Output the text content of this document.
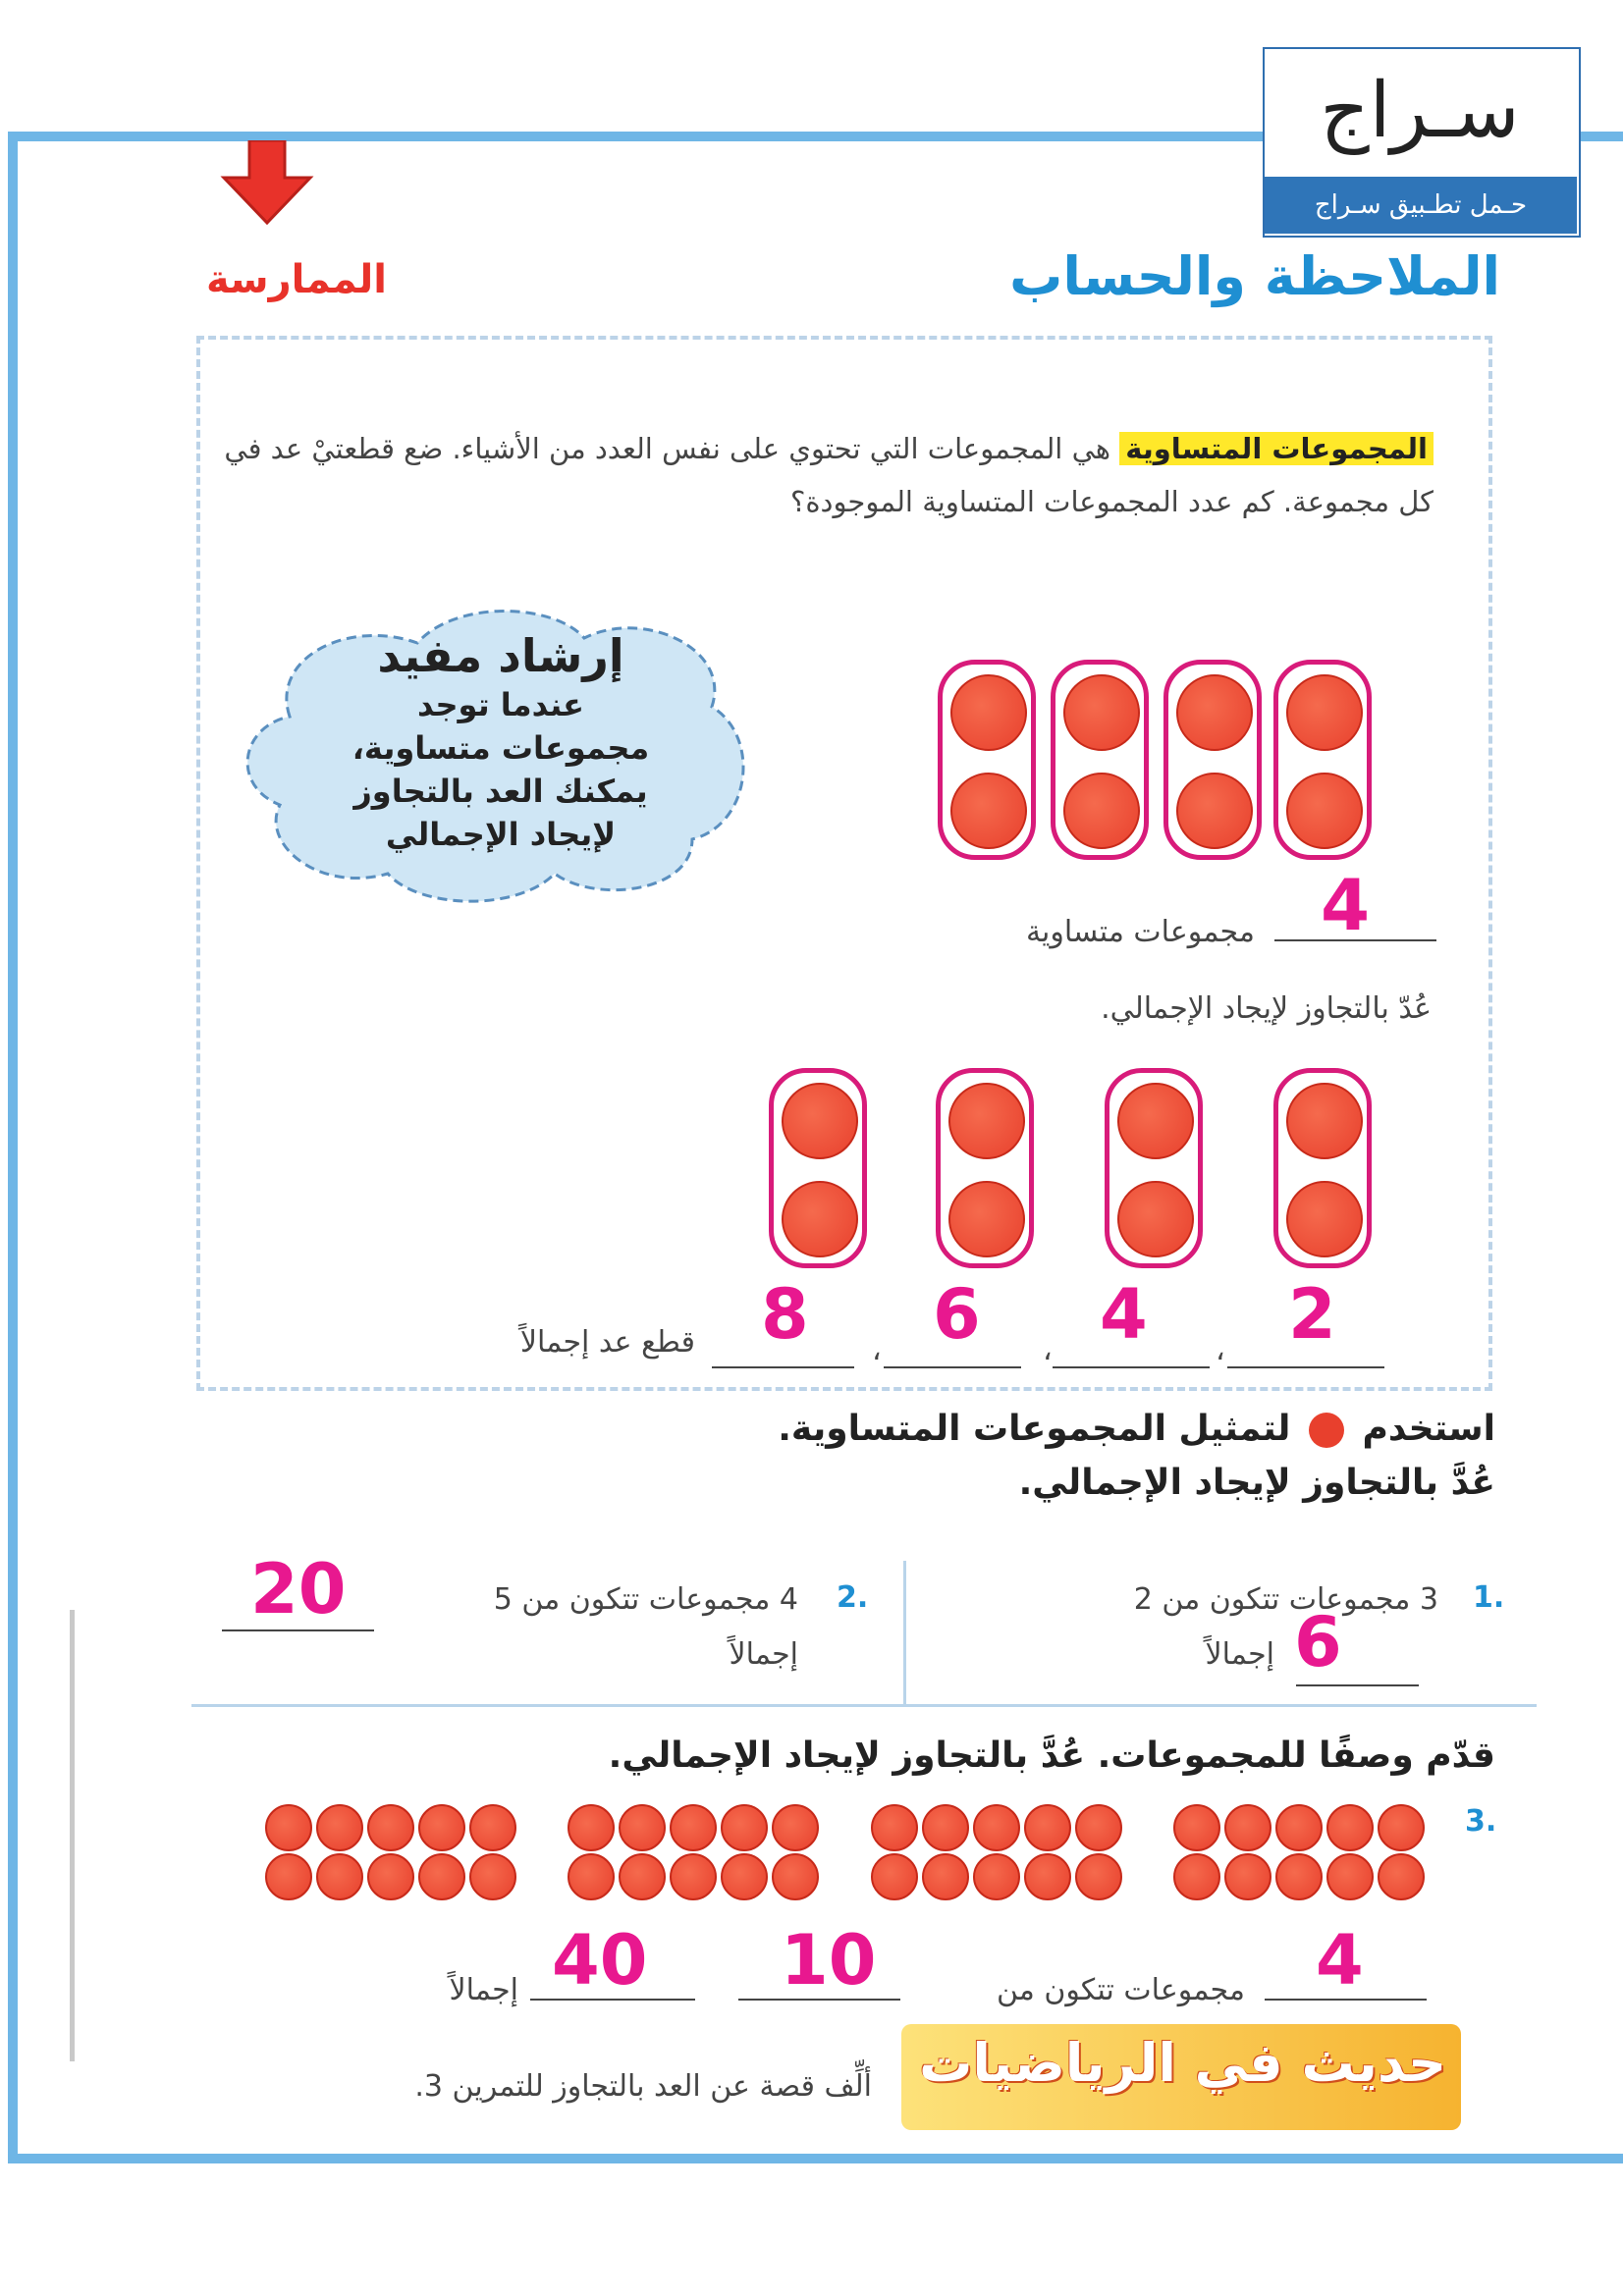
سـراج
حـمل تطـبيق سـراج
الملاحظة والحساب
الممارسة
المجموعات المتساوية هي المجموعات التي تحتوي على نفس العدد من الأشياء. ضع قطعتيْ عد في كل مجموعة. كم عدد المجموعات المتساوية الموجودة؟
إرشاد مفيد
عندما توجد
مجموعات متساوية،
يمكنك العد بالتجاوز
لإيجاد الإجمالي
4
مجموعات متساوية
عُدّ بالتجاوز لإيجاد الإجمالي.
2
4
6
8	،
،
،
قطع عد إجمالاً
استخدم  لتمثيل المجموعات المتساوية.
عُدَّ بالتجاوز لإيجاد الإجمالي.
1.
3 مجموعات تتكون من 2
إجمالاً 6
2.
4 مجموعات تتكون من 5
إجمالاً
20
قدّم وصفًا للمجموعات. عُدَّ بالتجاوز لإيجاد الإجمالي.
3.
4
مجموعات تتكون من
10
40
إجمالاً
حديث في الرياضيات
ألِّف قصة عن العد بالتجاوز للتمرين 3.
